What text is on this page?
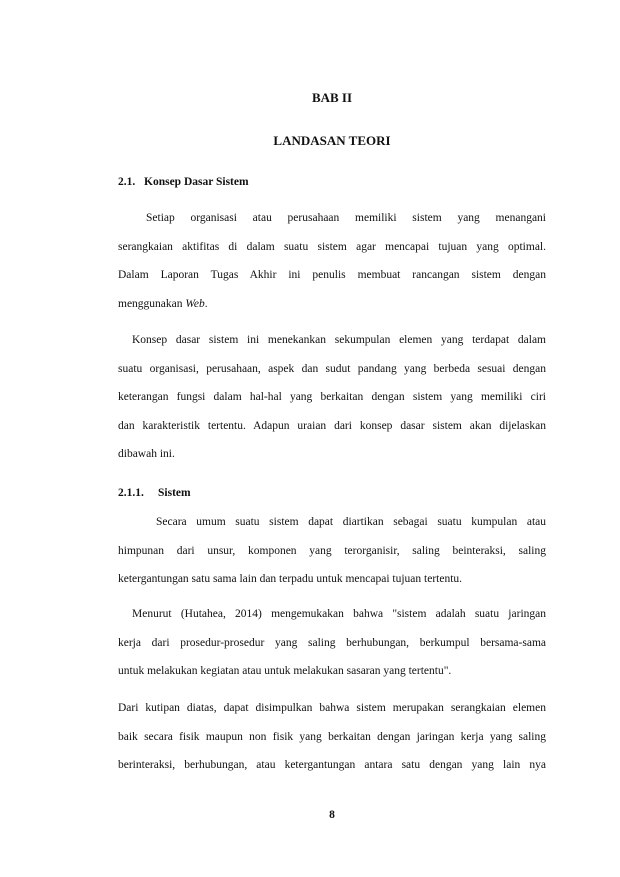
BAB II
LANDASAN TEORI
2.1. Konsep Dasar Sistem
Setiap organisasi atau perusahaan memiliki sistem yang menangani
serangkaian aktifitas di dalam suatu sistem agar mencapai tujuan yang optimal.
Dalam Laporan Tugas Akhir ini penulis membuat rancangan sistem dengan
menggunakan Web.
Konsep dasar sistem ini menekankan sekumpulan elemen yang terdapat dalam
suatu organisasi, perusahaan, aspek dan sudut pandang yang berbeda sesuai dengan
keterangan fungsi dalam hal-hal yang berkaitan dengan sistem yang memiliki ciri
dan karakteristik tertentu. Adapun uraian dari konsep dasar sistem akan dijelaskan
dibawah ini.
2.1.1. Sistem
Secara umum suatu sistem dapat diartikan sebagai suatu kumpulan atau
himpunan dari unsur, komponen yang terorganisir, saling beinteraksi, saling
ketergantungan satu sama lain dan terpadu untuk mencapai tujuan tertentu.
Menurut (Hutahea, 2014) mengemukakan bahwa "sistem adalah suatu jaringan
kerja dari prosedur-prosedur yang saling berhubungan, berkumpul bersama-sama
untuk melakukan kegiatan atau untuk melakukan sasaran yang tertentu".
Dari kutipan diatas, dapat disimpulkan bahwa sistem merupakan serangkaian elemen
baik secara fisik maupun non fisik yang berkaitan dengan jaringan kerja yang saling
berinteraksi, berhubungan, atau ketergantungan antara satu dengan yang lain nya
8
